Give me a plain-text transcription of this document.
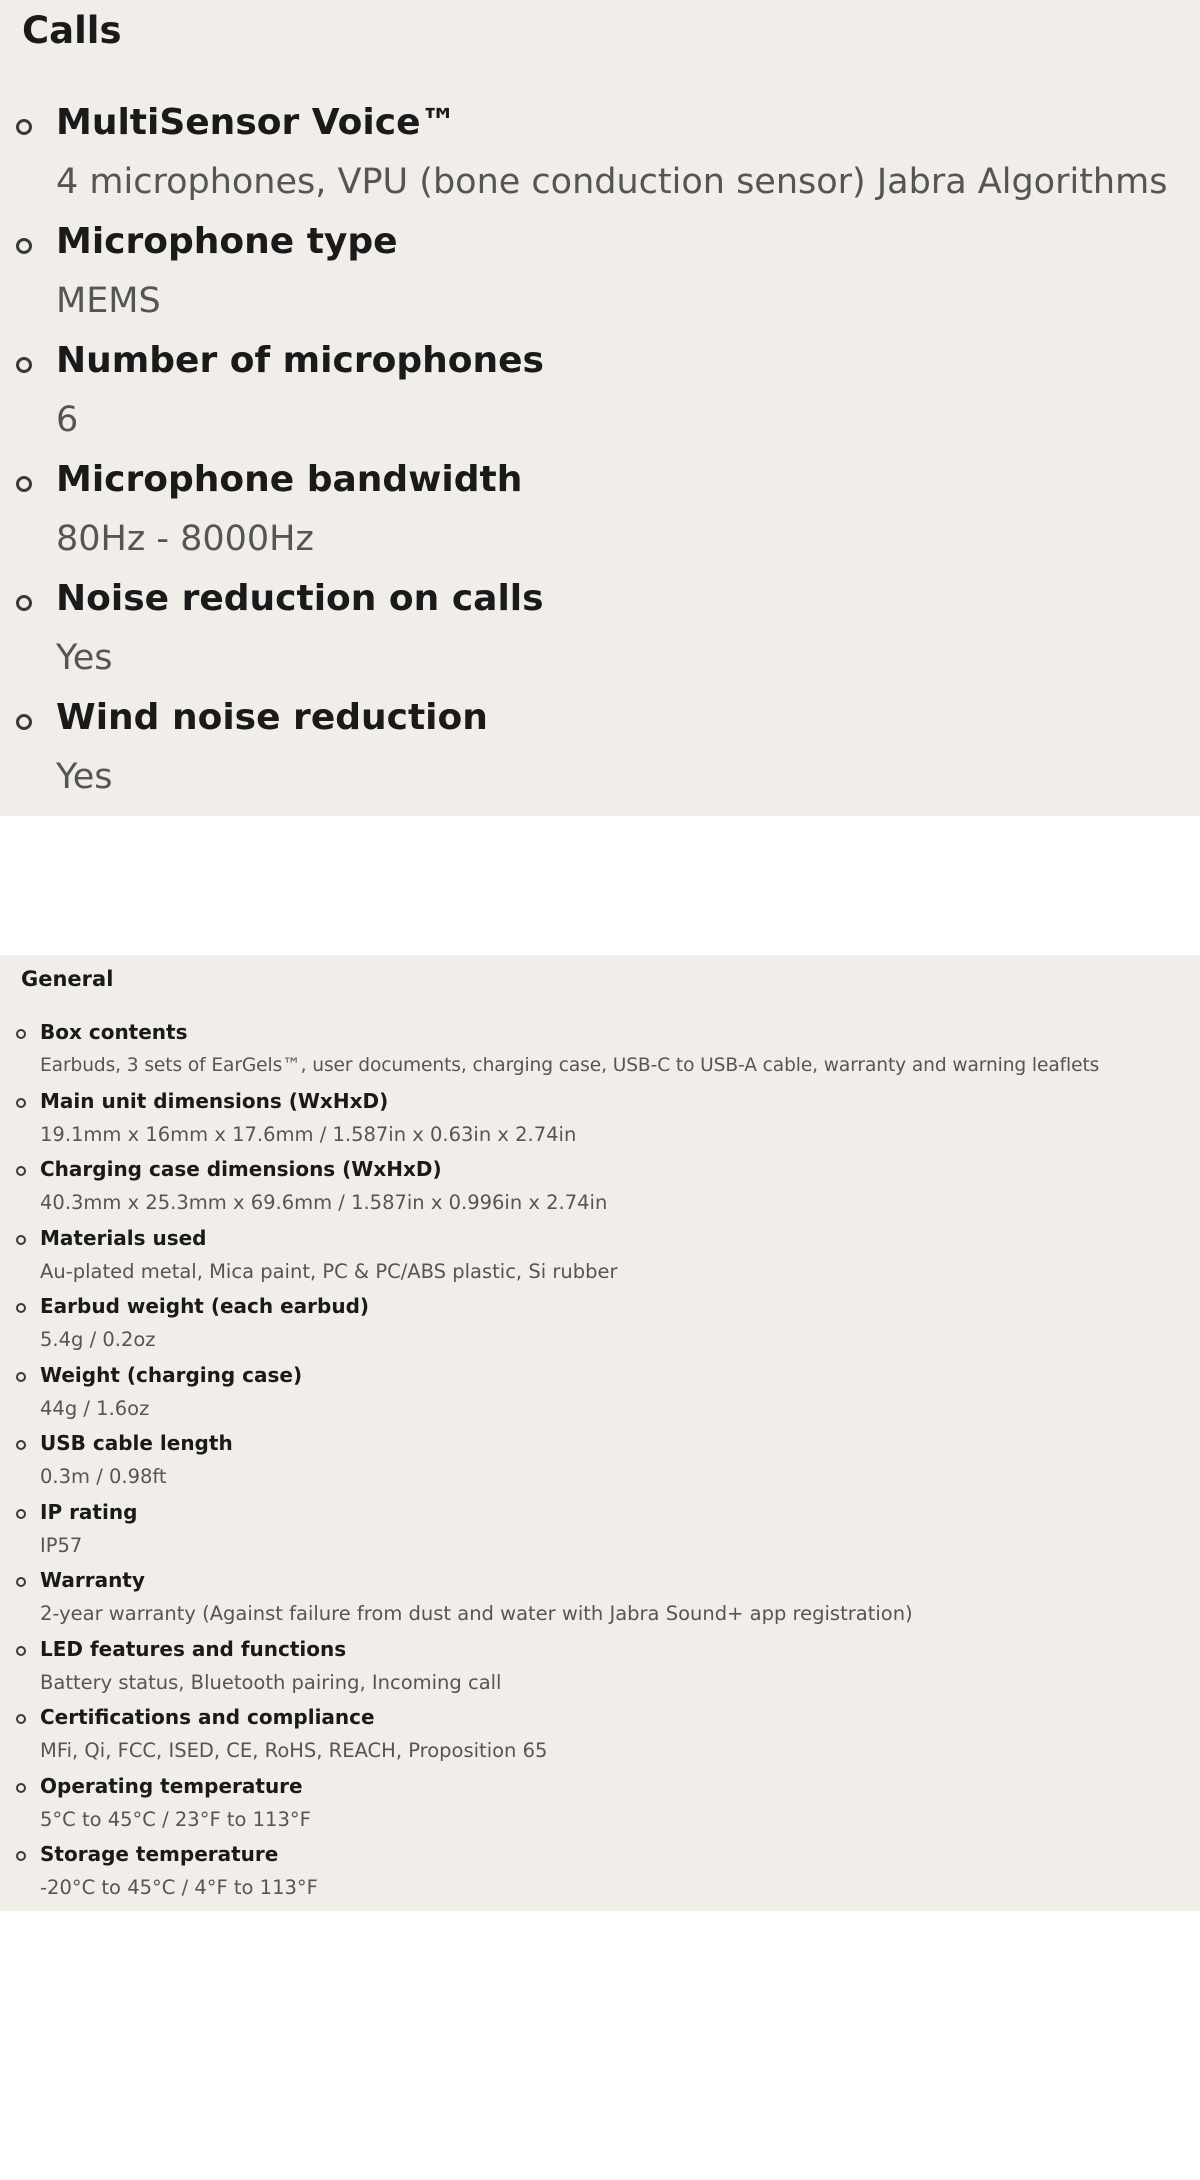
Calls
MultiSensor Voice™
4 microphones, VPU (bone conduction sensor) Jabra Algorithms
Microphone type
MEMS
Number of microphones
6
Microphone bandwidth
80Hz - 8000Hz
Noise reduction on calls
Yes
Wind noise reduction
Yes
General
Box contents
Earbuds, 3 sets of EarGels™, user documents, charging case, USB-C to USB-A cable, warranty and warning leaflets
Main unit dimensions (WxHxD)
19.1mm x 16mm x 17.6mm / 1.587in x 0.63in x 2.74in
Charging case dimensions (WxHxD)
40.3mm x 25.3mm x 69.6mm / 1.587in x 0.996in x 2.74in
Materials used
Au-plated metal, Mica paint, PC & PC/ABS plastic, Si rubber
Earbud weight (each earbud)
5.4g / 0.2oz
Weight (charging case)
44g / 1.6oz
USB cable length
0.3m / 0.98ft
IP rating
IP57
Warranty
2-year warranty (Against failure from dust and water with Jabra Sound+ app registration)
LED features and functions
Battery status, Bluetooth pairing, Incoming call
Certifications and compliance
MFi, Qi, FCC, ISED, CE, RoHS, REACH, Proposition 65
Operating temperature
5°C to 45°C / 23°F to 113°F
Storage temperature
-20°C to 45°C / 4°F to 113°F
